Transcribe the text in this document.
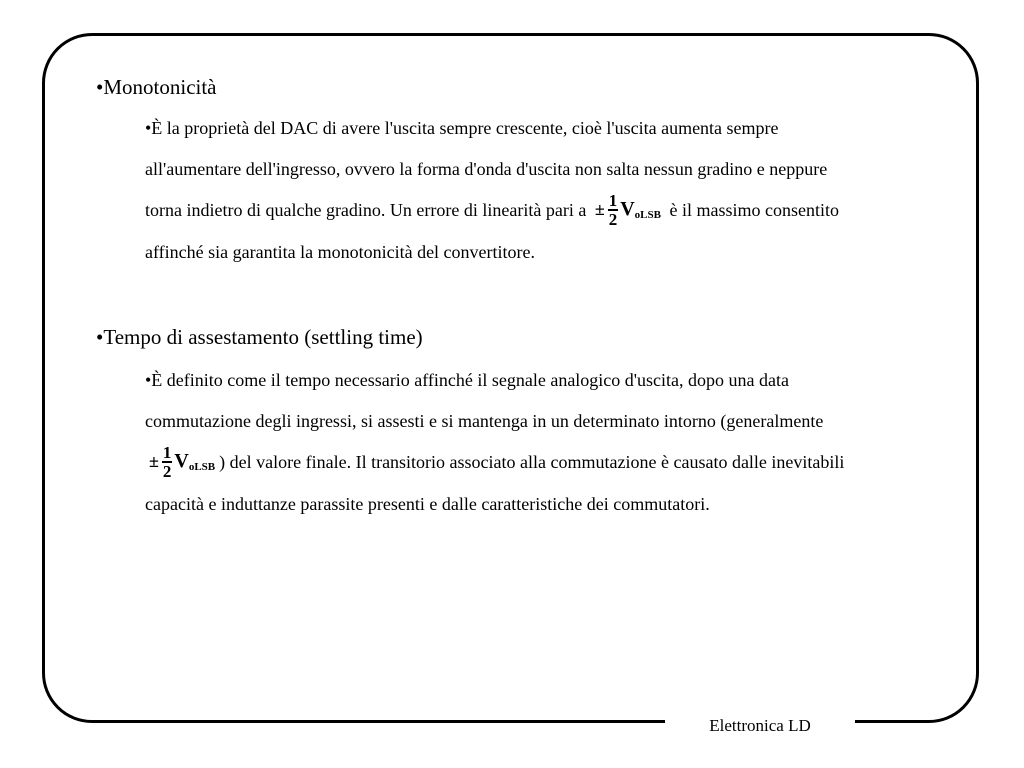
Elettronica LD

•Monotonicità

•È la proprietà del DAC di avere l'uscita sempre crescente, cioè l'uscita aumenta sempre all'aumentare dell'ingresso, ovvero la forma d'onda d'uscita non salta nessun gradino e neppure torna indietro di qualche gradino. Un errore di linearità pari $a \pm \frac{1}{2}$ V oLSB è il massimo consentito affinché sia garantita la monotonicità del convertitore.

•Tempo di assestamento (settling time)

•È definito come il tempo necessario affinché il segnale analogico d'uscita, dopo una data commutazione degli ingressi, si assesti e si mantenga in un determinato intorno (generalmente
± $\frac{1}{2}$ V oLSB ) del valore finale. Il transitorio associato alla commutazione è causato dalle inevitabili capacità e induttanze parassite presenti e dalle caratteristiche dei commutatori.
